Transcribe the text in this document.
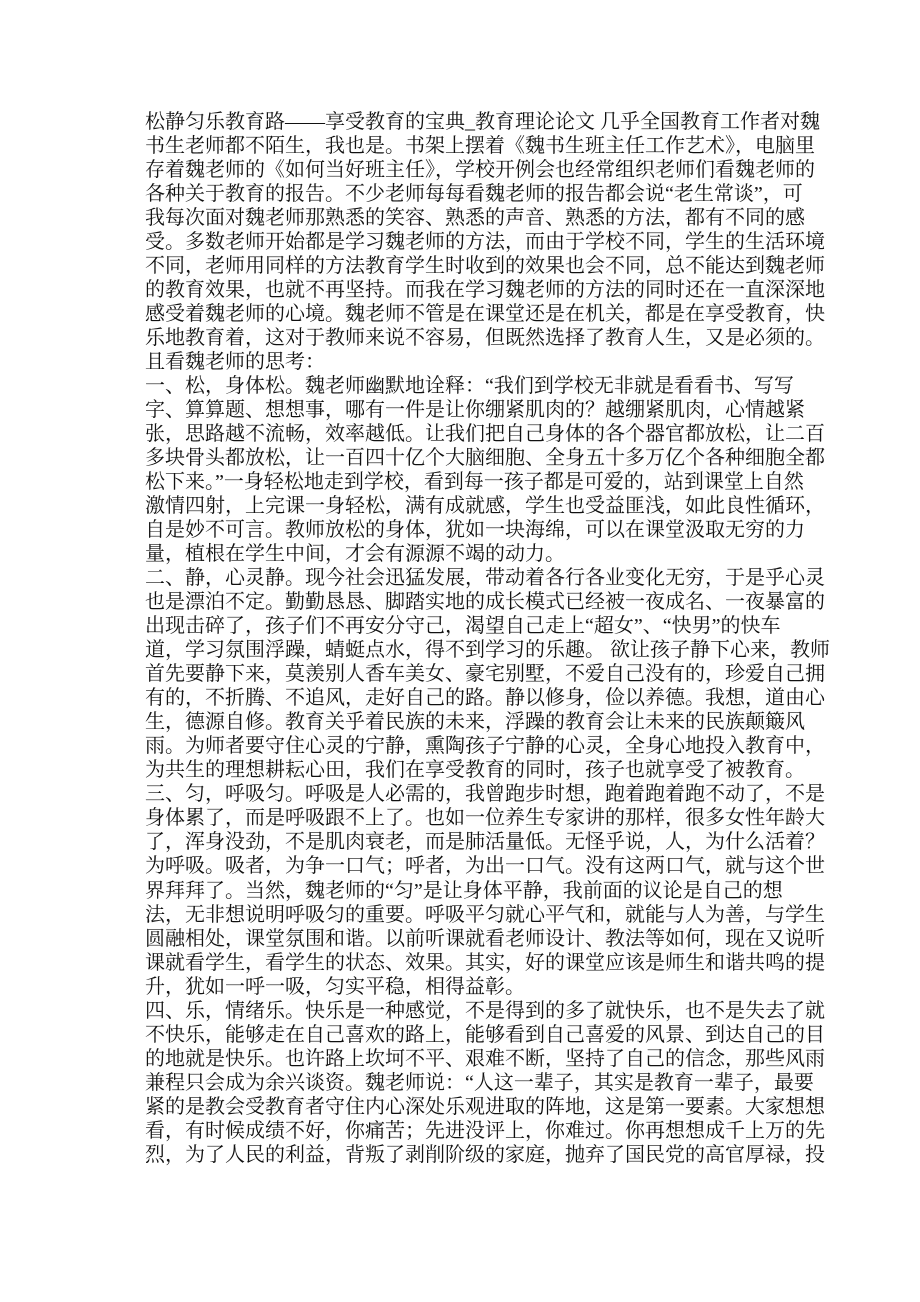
松静匀乐教育路——享受教育的宝典_教育理论论文 几乎全国教育工作者对魏
书生老师都不陌生，我也是。书架上摆着《魏书生班主任工作艺术》，电脑里
存着魏老师的《如何当好班主任》，学校开例会也经常组织老师们看魏老师的
各种关于教育的报告。不少老师每每看魏老师的报告都会说“老生常谈”，可
我每次面对魏老师那熟悉的笑容、熟悉的声音、熟悉的方法，都有不同的感
受。多数老师开始都是学习魏老师的方法，而由于学校不同，学生的生活环境
不同，老师用同样的方法教育学生时收到的效果也会不同，总不能达到魏老师
的教育效果，也就不再坚持。而我在学习魏老师的方法的同时还在一直深深地
感受着魏老师的心境。魏老师不管是在课堂还是在机关，都是在享受教育，快
乐地教育着，这对于教师来说不容易，但既然选择了教育人生，又是必须的。
且看魏老师的思考：
一、松，身体松。魏老师幽默地诠释：“我们到学校无非就是看看书、写写
字、算算题、想想事，哪有一件是让你绷紧肌肉的？越绷紧肌肉，心情越紧
张，思路越不流畅，效率越低。让我们把自己身体的各个器官都放松，让二百
多块骨头都放松，让一百四十亿个大脑细胞、全身五十多万亿个各种细胞全都
松下来。”一身轻松地走到学校，看到每一孩子都是可爱的，站到课堂上自然
激情四射，上完课一身轻松，满有成就感，学生也受益匪浅，如此良性循环，
自是妙不可言。教师放松的身体，犹如一块海绵，可以在课堂汲取无穷的力
量，植根在学生中间，才会有源源不竭的动力。
二、静，心灵静。现今社会迅猛发展，带动着各行各业变化无穷，于是乎心灵
也是漂泊不定。勤勤恳恳、脚踏实地的成长模式已经被一夜成名、一夜暴富的
出现击碎了，孩子们不再安分守己，渴望自己走上“超女”、“快男”的快车
道，学习氛围浮躁，蜻蜓点水，得不到学习的乐趣。 欲让孩子静下心来，教师
首先要静下来，莫羡别人香车美女、豪宅别墅，不爱自己没有的，珍爱自己拥
有的，不折腾、不追风，走好自己的路。静以修身，俭以养德。我想，道由心
生，德源自修。教育关乎着民族的未来，浮躁的教育会让未来的民族颠簸风
雨。为师者要守住心灵的宁静，熏陶孩子宁静的心灵，全身心地投入教育中，
为共生的理想耕耘心田，我们在享受教育的同时，孩子也就享受了被教育。
三、匀，呼吸匀。呼吸是人必需的，我曾跑步时想，跑着跑着跑不动了，不是
身体累了，而是呼吸跟不上了。也如一位养生专家讲的那样，很多女性年龄大
了，浑身没劲，不是肌肉衰老，而是肺活量低。无怪乎说，人，为什么活着？
为呼吸。吸者，为争一口气；呼者，为出一口气。没有这两口气，就与这个世
界拜拜了。当然，魏老师的“匀”是让身体平静，我前面的议论是自己的想
法，无非想说明呼吸匀的重要。呼吸平匀就心平气和，就能与人为善，与学生
圆融相处，课堂氛围和谐。以前听课就看老师设计、教法等如何，现在又说听
课就看学生，看学生的状态、效果。其实，好的课堂应该是师生和谐共鸣的提
升，犹如一呼一吸，匀实平稳，相得益彰。
四、乐，情绪乐。快乐是一种感觉，不是得到的多了就快乐，也不是失去了就
不快乐，能够走在自己喜欢的路上，能够看到自己喜爱的风景、到达自己的目
的地就是快乐。也许路上坎坷不平、艰难不断，坚持了自己的信念，那些风雨
兼程只会成为余兴谈资。魏老师说：“人这一辈子，其实是教育一辈子，最要
紧的是教会受教育者守住内心深处乐观进取的阵地，这是第一要素。大家想想
看，有时候成绩不好，你痛苦；先进没评上，你难过。你再想想成千上万的先
烈，为了人民的利益，背叛了剥削阶级的家庭，抛弃了国民党的高官厚禄，投
